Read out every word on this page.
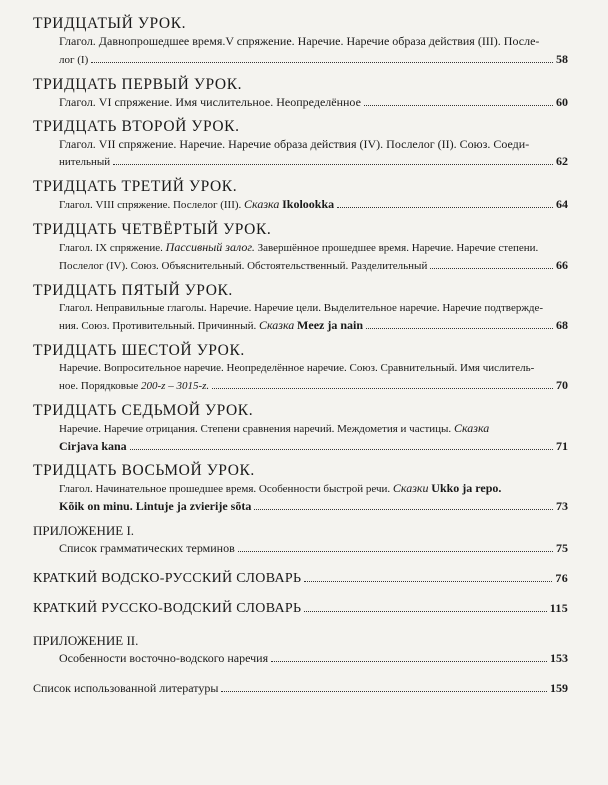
ТРИДЦАТЫЙ УРОК.
Глагол. Давнопрошедшее время.V спряжение. Наречие. Наречие образа действия (III). После-
лог (I)	58
ТРИДЦАТЬ ПЕРВЫЙ УРОК.
Глагол. VI спряжение. Имя числительное. Неопределённое	60
ТРИДЦАТЬ ВТОРОЙ УРОК.
Глагол. VII спряжение. Наречие. Наречие образа действия (IV). Послелог (II). Союз. Соеди-
нительный	62
ТРИДЦАТЬ ТРЕТИЙ УРОК.
Глагол. VIII спряжение. Послелог (III). Сказка Ikolookka	64
ТРИДЦАТЬ ЧЕТВЁРТЫЙ УРОК.
Глагол. IX спряжение. Пассивный залог. Завершённое прошедшее время. Наречие. Наречие степени.
Послелог (IV). Союз. Объяснительный. Обстоятельственный. Разделительный	66
ТРИДЦАТЬ ПЯТЫЙ УРОК.
Глагол. Неправильные глаголы. Наречие. Наречие цели. Выделительное наречие. Наречие подтвержде-
ния. Союз. Противительный. Причинный. Сказка Meez ja nain	68
ТРИДЦАТЬ ШЕСТОЙ УРОК.
Наречие. Вопросительное наречие. Неопределённое наречие. Союз. Сравнительный. Имя числитель-
ное. Порядковые 200-z – 3015-z.	70
ТРИДЦАТЬ СЕДЬМОЙ УРОК.
Наречие. Наречие отрицания. Степени сравнения наречий. Междометия и частицы. Сказка
Cirjava kana	71
ТРИДЦАТЬ ВОСЬМОЙ УРОК.
Глагол. Начинательное прошедшее время. Особенности быстрой речи. Сказки Ukko ja repo.
Kõik on minu. Lintuje ja zvierije sõta	73
ПРИЛОЖЕНИЕ I.
Список грамматических терминов	75
КРАТКИЙ ВОДСКО-РУССКИЙ СЛОВАРЬ	76
КРАТКИЙ РУССКО-ВОДСКИЙ СЛОВАРЬ	115
ПРИЛОЖЕНИЕ II.
Особенности восточно-водского наречия	153
Список использованной литературы	159
